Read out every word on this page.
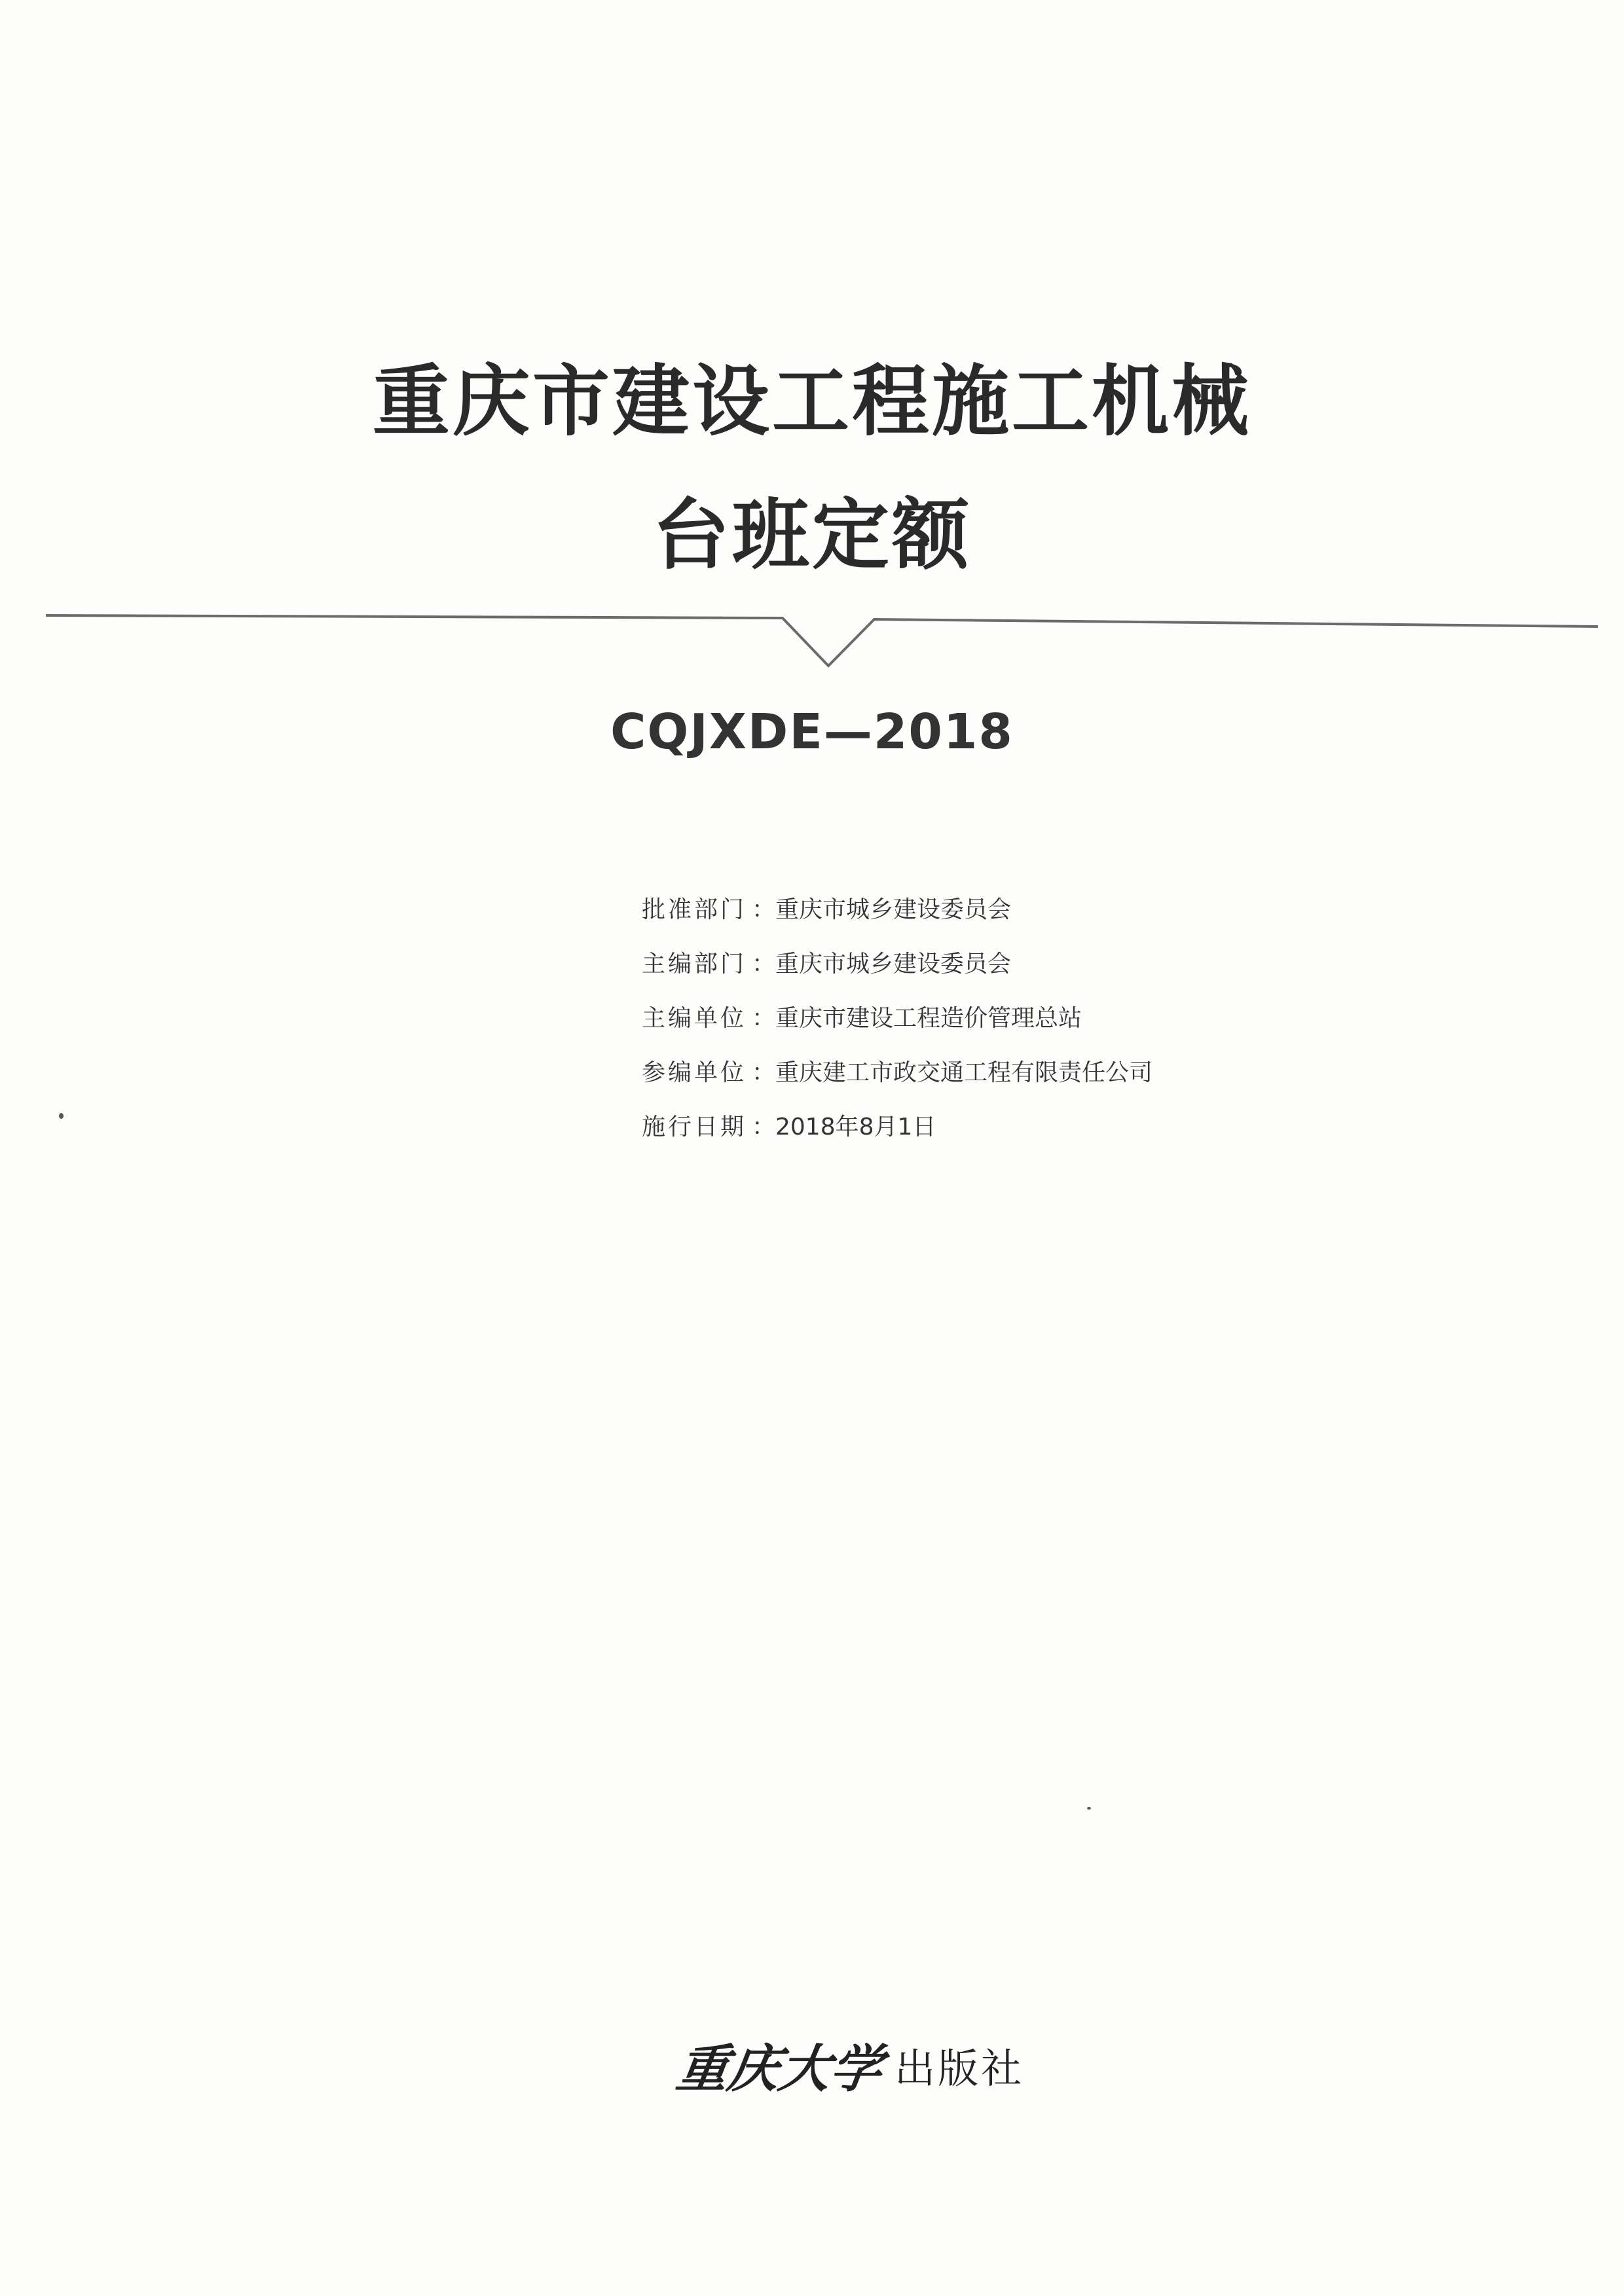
重庆市建设工程施工机械
台班定额
CQJXDE—2018
批准部门 ：重庆市城乡建设委员会
主编部门 ：重庆市城乡建设委员会
主编单位 ：重庆市建设工程造价管理总站
参编单位 ：重庆建工市政交通工程有限责任公司
施行日期 ：2018年8月1日
重庆大学 出版社
